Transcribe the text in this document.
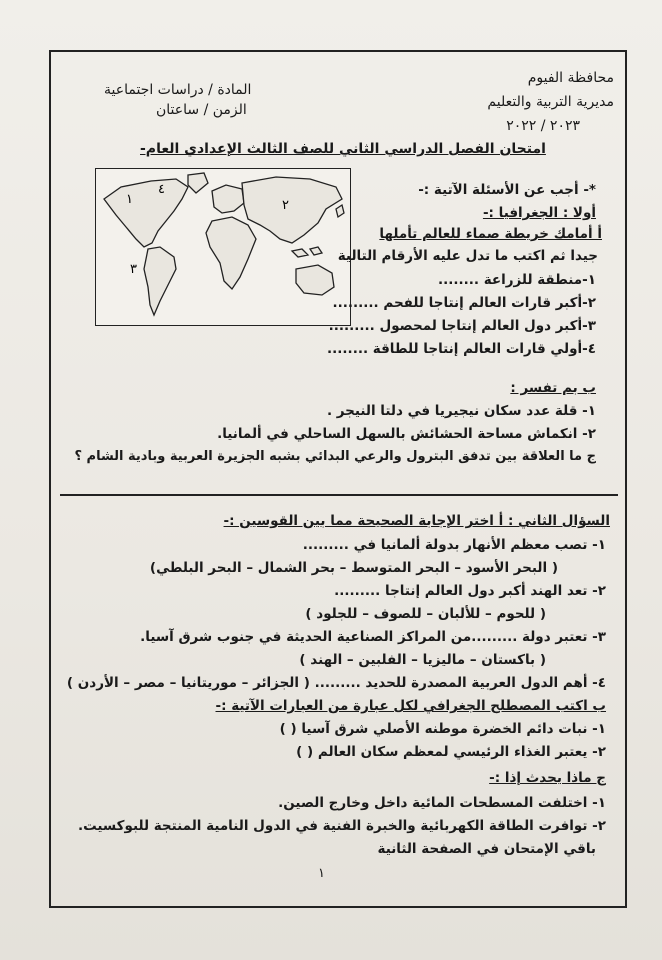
محافظة الفيوم
مديرية التربية والتعليم
٢٠٢٣ / ٢٠٢٢
المادة / دراسات اجتماعية
الزمن / ساعتان
امتحان الفصل الدراسي الثاني للصف الثالث الإعدادي العام-
١	٢
٣
٤	*- أجب عن الأسئلة الآتية :-
أولا : الجغرافيا :-
أ أمامك خريطة صماء للعالم تأملها
جيدا ثم اكتب ما تدل عليه الأرقام التالية
١-منطقة للزراعة ........
٢-أكبر قارات العالم إنتاجا للفحم .........
٣-أكبر دول العالم إنتاجا لمحصول .........
٤-أولي قارات العالم إنتاجا للطاقة ........
ب بم تفسر :
١- قلة عدد سكان نيجيريا في دلتا النيجر .
٢- انكماش مساحة الحشائش بالسهل الساحلي في ألمانيا.
ج ما العلاقة بين تدفق البترول والرعي البدائي بشبه الجزيرة العربية وبادية الشام ؟
السؤال الثاني : أ اختر الإجابة الصحيحة مما بين القوسين :-
١- تصب معظم الأنهار بدولة ألمانيا في .........
( البحر الأسود – البحر المتوسط – بحر الشمال – البحر البلطي)
٢- تعد الهند أكبر دول العالم إنتاجا .........
( للحوم – للألبان – للصوف – للجلود )
٣- تعتبر دولة .........من المراكز الصناعية الحديثة في جنوب شرق آسيا.
( باكستان – ماليزيا – الفلبين – الهند )
٤- أهم الدول العربية المصدرة للحديد ......... ( الجزائر – موريتانيا – مصر – الأردن )
ب اكتب المصطلح الجغرافي لكل عبارة من العبارات الآتية :-
١- نبات دائم الخضرة موطنه الأصلي شرق آسيا ( )
٢- يعتبر الغذاء الرئيسي لمعظم سكان العالم ( )
ج ماذا يحدث إذا :-
١- اختلفت المسطحات المائية داخل وخارج الصين.
٢- توافرت الطاقة الكهربائية والخبرة الفنية في الدول النامية المنتجة للبوكسيت.
باقي الإمتحان في الصفحة الثانية
١
